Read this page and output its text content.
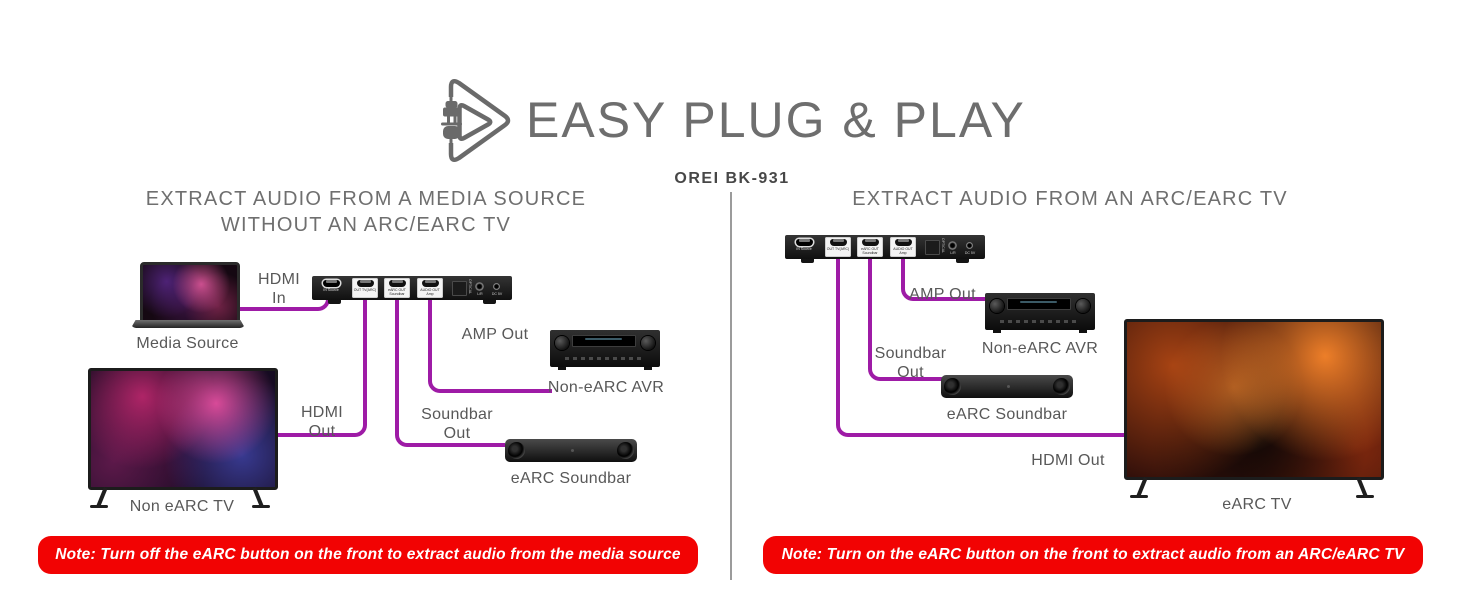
EASY PLUG & PLAY
OREI BK-931
EXTRACT AUDIO FROM A MEDIA SOURCE
WITHOUT AN ARC/EARC TV
EXTRACT AUDIO FROM AN ARC/EARC TV
Media Source
HDMI
In
HDMI
Out
Soundbar
Out
AMP Out
IN Source	OUT TV(ARC)	eARC OUT Soundbar
AUDIO OUT Amp
OPTICAL
L/R	DC 5V
Non eARC TV
Non-eARC AVR
eARC Soundbar
Note: Turn off the eARC button on the front to extract audio from the media source
IN Source	OUT TV(ARC)	eARC OUT Soundbar
AUDIO OUT Amp
OPTICAL
L/R	DC 5V
AMP Out
Soundbar
Out
HDMI Out
Non-eARC AVR
eARC Soundbar
eARC TV
Note: Turn on the eARC button on the front to extract audio from an ARC/eARC TV
